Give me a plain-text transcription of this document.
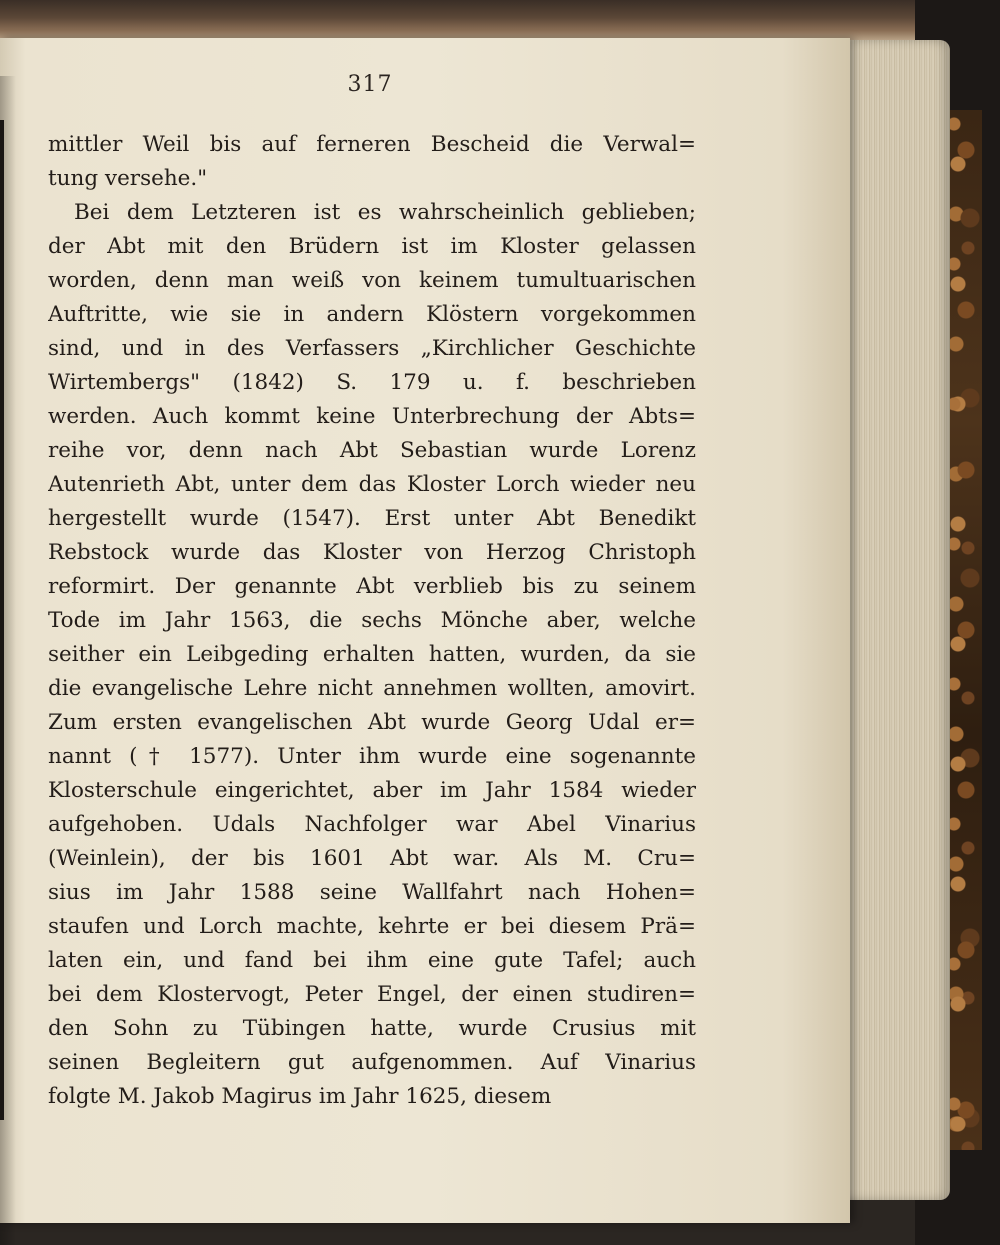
317
mittler Weil bis auf ferneren Bescheid die Verwal=
tung versehe."
Bei dem Letzteren ist es wahrscheinlich geblieben;
der Abt mit den Brüdern ist im Kloster gelassen
worden, denn man weiß von keinem tumultuarischen
Auftritte, wie sie in andern Klöstern vorgekommen
sind, und in des Verfassers „Kirchlicher Geschichte
Wirtembergs" (1842) S. 179 u. f. beschrieben
werden. Auch kommt keine Unterbrechung der Abts=
reihe vor, denn nach Abt Sebastian wurde Lorenz
Autenrieth Abt, unter dem das Kloster Lorch wieder neu
hergestellt wurde (1547). Erst unter Abt Benedikt
Rebstock wurde das Kloster von Herzog Christoph
reformirt. Der genannte Abt verblieb bis zu seinem
Tode im Jahr 1563, die sechs Mönche aber, welche
seither ein Leibgeding erhalten hatten, wurden, da sie
die evangelische Lehre nicht annehmen wollten, amovirt.
Zum ersten evangelischen Abt wurde Georg Udal er=
nannt († 1577). Unter ihm wurde eine sogenannte
Klosterschule eingerichtet, aber im Jahr 1584 wieder
aufgehoben. Udals Nachfolger war Abel Vinarius
(Weinlein), der bis 1601 Abt war. Als M. Cru=
sius im Jahr 1588 seine Wallfahrt nach Hohen=
staufen und Lorch machte, kehrte er bei diesem Prä=
laten ein, und fand bei ihm eine gute Tafel; auch
bei dem Klostervogt, Peter Engel, der einen studiren=
den Sohn zu Tübingen hatte, wurde Crusius mit
seinen Begleitern gut aufgenommen. Auf Vinarius
folgte M. Jakob Magirus im Jahr 1625, diesem
